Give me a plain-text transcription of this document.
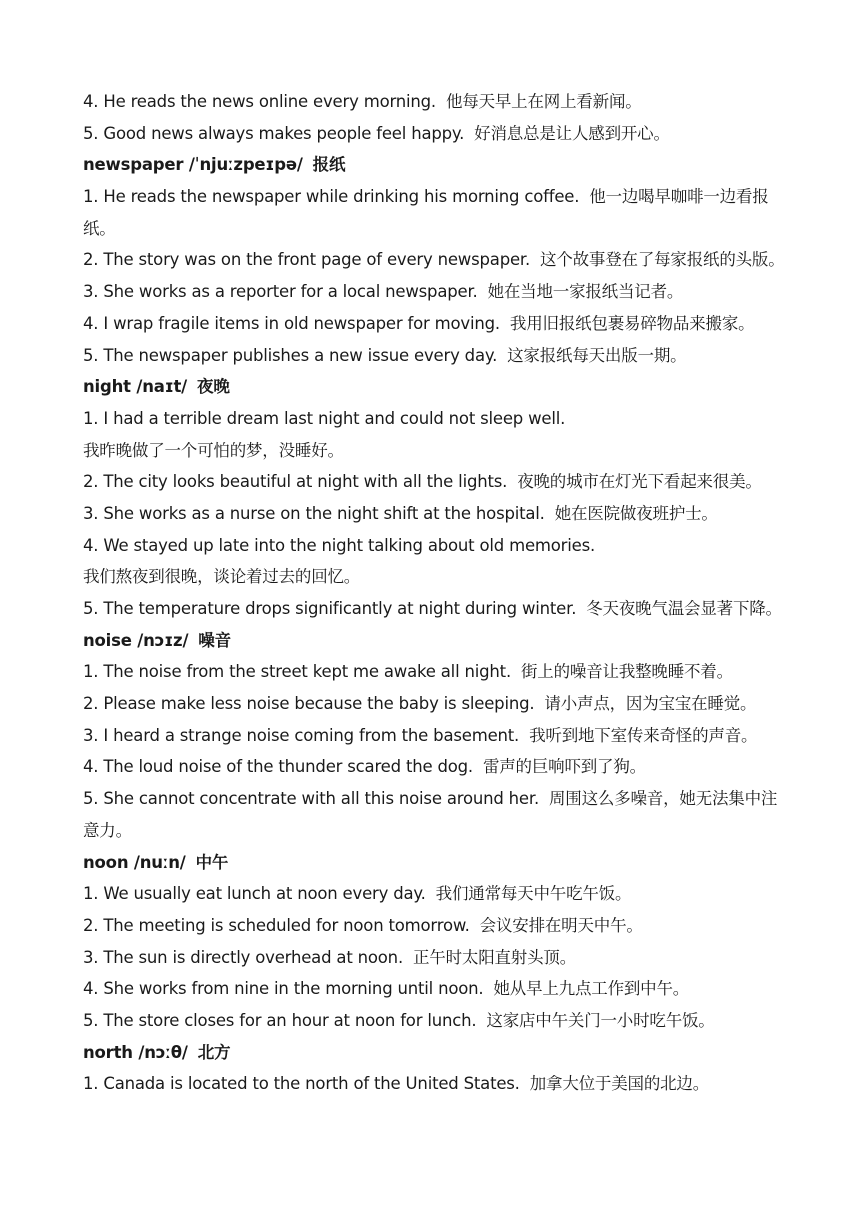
4. He reads the news online every morning. 他每天早上在网上看新闻。
5. Good news always makes people feel happy. 好消息总是让人感到开心。
newspaper /ˈnjuːzpeɪpə/ 报纸
1. He reads the newspaper while drinking his morning coffee. 他一边喝早咖啡一边看报
纸。
2. The story was on the front page of every newspaper. 这个故事登在了每家报纸的头版。
3. She works as a reporter for a local newspaper. 她在当地一家报纸当记者。
4. I wrap fragile items in old newspaper for moving. 我用旧报纸包裹易碎物品来搬家。
5. The newspaper publishes a new issue every day. 这家报纸每天出版一期。
night /naɪt/ 夜晚
1. I had a terrible dream last night and could not sleep well.
我昨晚做了一个可怕的梦，没睡好。
2. The city looks beautiful at night with all the lights. 夜晚的城市在灯光下看起来很美。
3. She works as a nurse on the night shift at the hospital. 她在医院做夜班护士。
4. We stayed up late into the night talking about old memories.
我们熬夜到很晚，谈论着过去的回忆。
5. The temperature drops significantly at night during winter. 冬天夜晚气温会显著下降。
noise /nɔɪz/ 噪音
1. The noise from the street kept me awake all night. 街上的噪音让我整晚睡不着。
2. Please make less noise because the baby is sleeping. 请小声点，因为宝宝在睡觉。
3. I heard a strange noise coming from the basement. 我听到地下室传来奇怪的声音。
4. The loud noise of the thunder scared the dog. 雷声的巨响吓到了狗。
5. She cannot concentrate with all this noise around her. 周围这么多噪音，她无法集中注
意力。
noon /nuːn/ 中午
1. We usually eat lunch at noon every day. 我们通常每天中午吃午饭。
2. The meeting is scheduled for noon tomorrow. 会议安排在明天中午。
3. The sun is directly overhead at noon. 正午时太阳直射头顶。
4. She works from nine in the morning until noon. 她从早上九点工作到中午。
5. The store closes for an hour at noon for lunch. 这家店中午关门一小时吃午饭。
north /nɔːθ/ 北方
1. Canada is located to the north of the United States. 加拿大位于美国的北边。
